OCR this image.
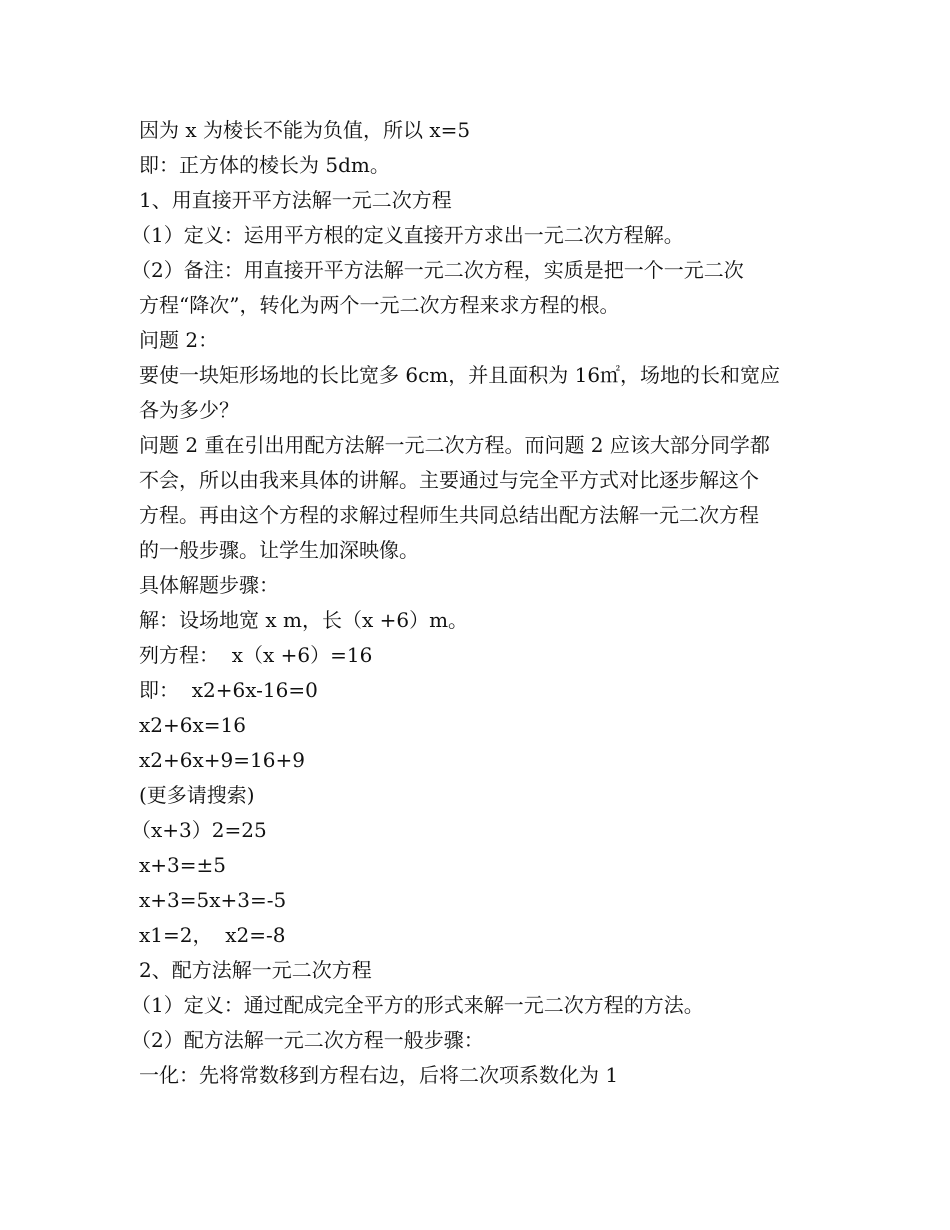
因为 x 为棱长不能为负值，所以 x=5
即：正方体的棱长为 5dm。
1、用直接开平方法解一元二次方程
（1）定义：运用平方根的定义直接开方求出一元二次方程解。
（2）备注：用直接开平方法解一元二次方程，实质是把一个一元二次
方程“降次”，转化为两个一元二次方程来求方程的根。
问题 2：
要使一块矩形场地的长比宽多 6cm，并且面积为 16㎡，场地的长和宽应
各为多少？
问题 2 重在引出用配方法解一元二次方程。而问题 2 应该大部分同学都
不会，所以由我来具体的讲解。主要通过与完全平方式对比逐步解这个
方程。再由这个方程的求解过程师生共同总结出配方法解一元二次方程
的一般步骤。让学生加深映像。
具体解题步骤：
解：设场地宽 x m，长（x +6）m。
列方程：  x（x +6）=16
即：  x2+6x-16=0
x2+6x=16
x2+6x+9=16+9
(更多请搜索)
（x+3）2=25
x+3=±5
x+3=5x+3=-5
x1=2，  x2=-8
2、配方法解一元二次方程
（1）定义：通过配成完全平方的形式来解一元二次方程的方法。
（2）配方法解一元二次方程一般步骤：
一化：先将常数移到方程右边，后将二次项系数化为 1
